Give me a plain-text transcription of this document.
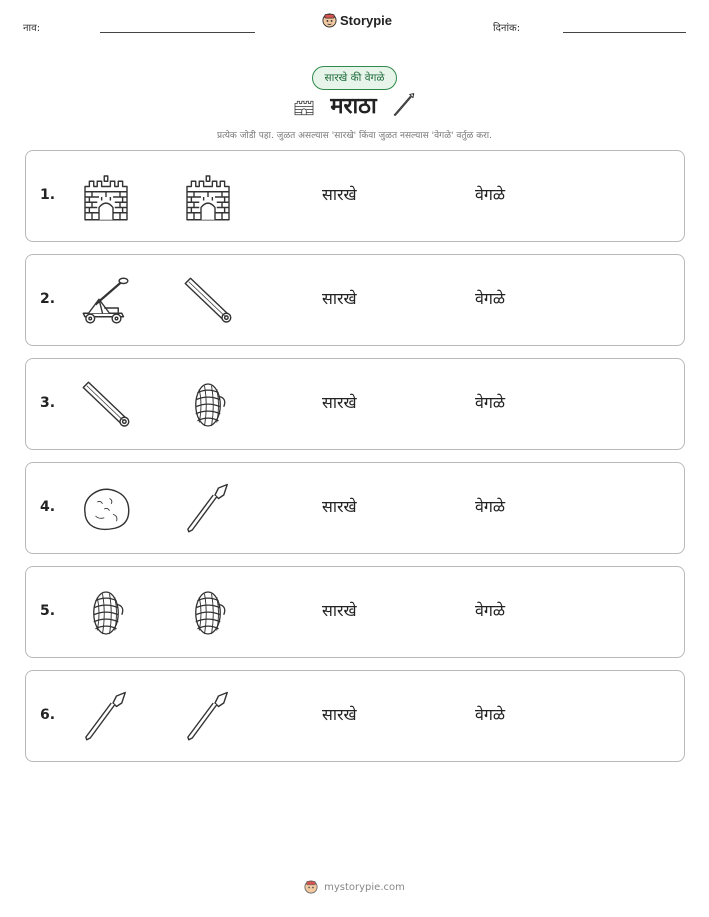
नाव:
Storypie
दिनांक:
सारखे की वेगळे
मराठा
प्रत्येक जोडी पहा. जुळत असल्यास 'सारखे' किंवा जुळत नसल्यास 'वेगळे' वर्तुळ करा.
1.	सारखे	वेगळे
2.	सारखे	वेगळे
3.	सारखे	वेगळे
4.	सारखे	वेगळे
5.	सारखे	वेगळे
6.	सारखे	वेगळे
mystorypie.com
